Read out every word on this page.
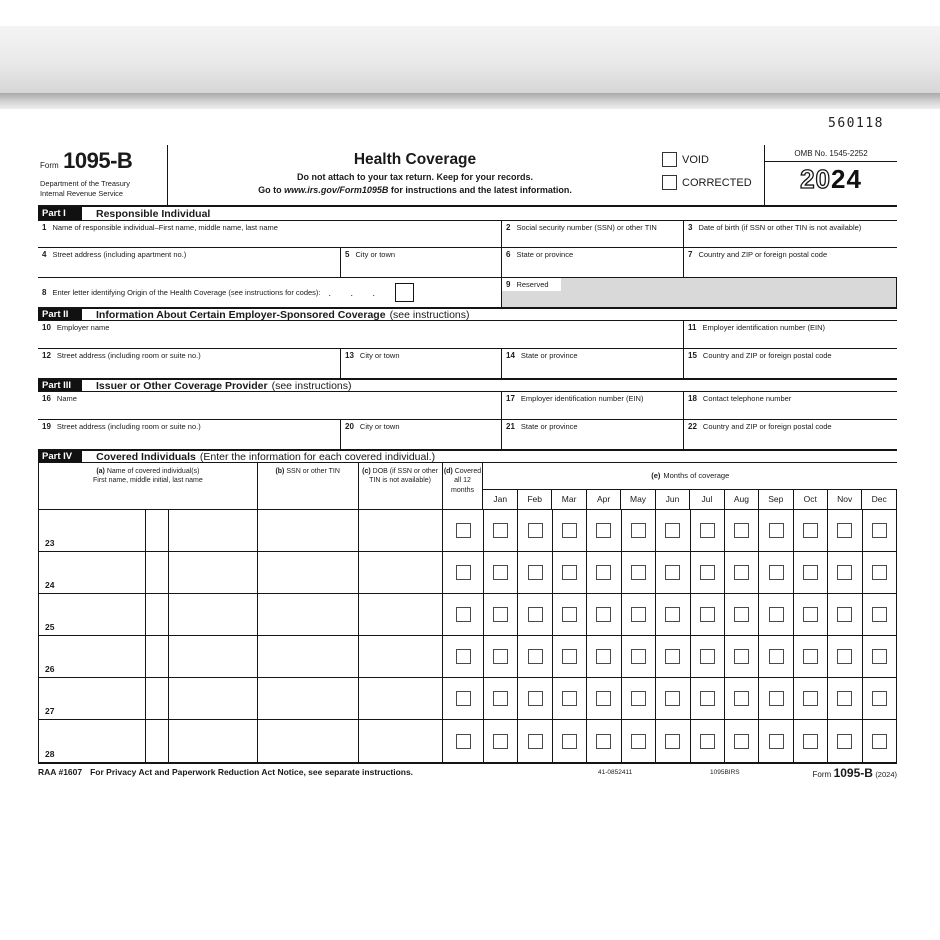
560118
Form 1095-B
Department of the Treasury
Internal Revenue Service
Health Coverage
Do not attach to your tax return. Keep for your records.
Go to www.irs.gov/Form1095B for instructions and the latest information.
VOID
CORRECTED
OMB No. 1545-2252
2024
Part I	Responsible Individual
1 Name of responsible individual–First name, middle name, last name	2 Social security number (SSN) or other TIN	3 Date of birth (if SSN or other TIN is not available)
4 Street address (including apartment no.)	5 City or town	6 State or province	7 Country and ZIP or foreign postal code
8 Enter letter identifying Origin of the Health Coverage (see instructions for codes): . . .
9 Reserved
Part II	Information About Certain Employer-Sponsored Coverage (see instructions)
10 Employer name	11 Employer identification number (EIN)
12 Street address (including room or suite no.)	13 City or town	14 State or province	15 Country and ZIP or foreign postal code
Part III	Issuer or Other Coverage Provider (see instructions)
16 Name	17 Employer identification number (EIN)	18 Contact telephone number
19 Street address (including room or suite no.)	20 City or town	21 State or province	22 Country and ZIP or foreign postal code
Part IV	Covered Individuals (Enter the information for each covered individual.)
(a) Name of covered individual(s)
First name, middle initial, last name
(b) SSN or other TIN	(c) DOB (if SSN or other TIN is not available)
(d) Covered all 12 months
(e) Months of coverage
Jan	Feb	Mar	Apr	May	Jun	Jul	Aug	Sep	Oct	Nov	Dec
23
24
25
26
27
28
RAA #1607 For Privacy Act and Paperwork Reduction Act Notice, see separate instructions.	41-0852411	1095BIRS	Form 1095-B (2024)
